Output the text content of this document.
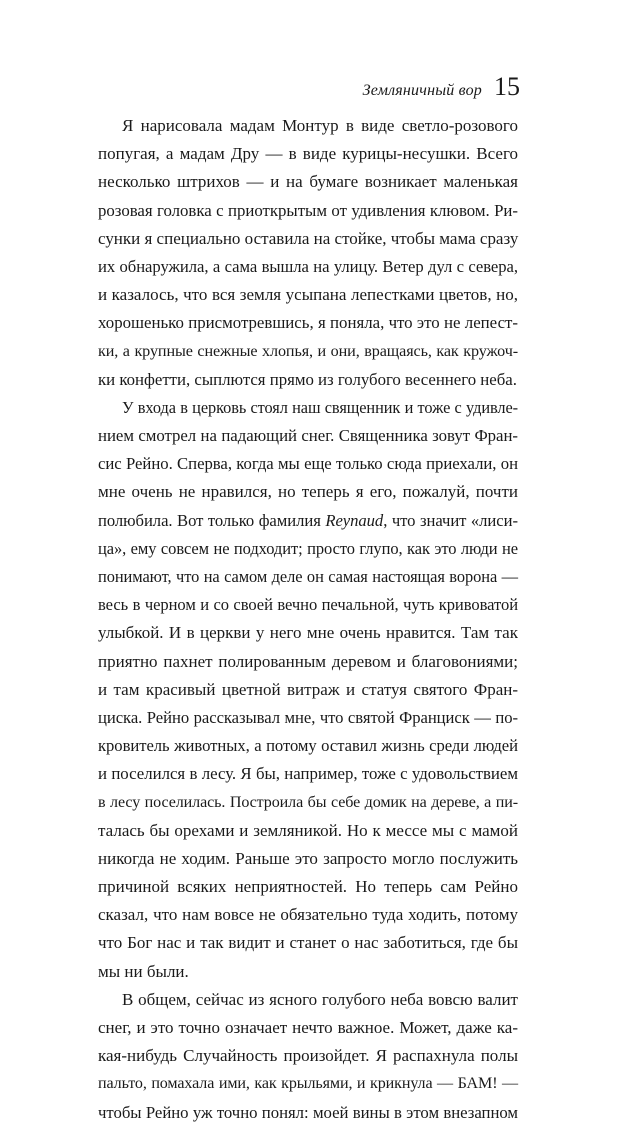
Земляничный вор 15
Я нарисовала мадам Монтур в виде светло-розового
попугая, а мадам Дру — в виде курицы-несушки. Всего
несколько штрихов — и на бумаге возникает маленькая
розовая головка с приоткрытым от удивления клювом. Ри-
сунки я специально оставила на стойке, чтобы мама сразу
их обнаружила, а сама вышла на улицу. Ветер дул с севера,
и казалось, что вся земля усыпана лепестками цветов, но,
хорошенько присмотревшись, я поняла, что это не лепест-
ки, а крупные снежные хлопья, и они, вращаясь, как кружоч-
ки конфетти, сыплются прямо из голубого весеннего неба.
У входа в церковь стоял наш священник и тоже с удивле-
нием смотрел на падающий снег. Священника зовут Фран-
сис Рейно. Сперва, когда мы еще только сюда приехали, он
мне очень не нравился, но теперь я его, пожалуй, почти
полюбила. Вот только фамилия Reynaud, что значит «лиси-
ца», ему совсем не подходит; просто глупо, как это люди не
понимают, что на самом деле он самая настоящая ворона —
весь в черном и со своей вечно печальной, чуть кривоватой
улыбкой. И в церкви у него мне очень нравится. Там так
приятно пахнет полированным деревом и благовониями;
и там красивый цветной витраж и статуя святого Фран-
циска. Рейно рассказывал мне, что святой Франциск — по-
кровитель животных, а потому оставил жизнь среди людей
и поселился в лесу. Я бы, например, тоже с удовольствием
в лесу поселилась. Построила бы себе домик на дереве, а пи-
талась бы орехами и земляникой. Но к мессе мы с мамой
никогда не ходим. Раньше это запросто могло послужить
причиной всяких неприятностей. Но теперь сам Рейно
сказал, что нам вовсе не обязательно туда ходить, потому
что Бог нас и так видит и станет о нас заботиться, где бы
мы ни были.
В общем, сейчас из ясного голубого неба вовсю валит
снег, и это точно означает нечто важное. Может, даже ка-
кая-нибудь Случайность произойдет. Я распахнула полы
пальто, помахала ими, как крыльями, и крикнула — БАМ! —
чтобы Рейно уж точно понял: моей вины в этом внезапном
